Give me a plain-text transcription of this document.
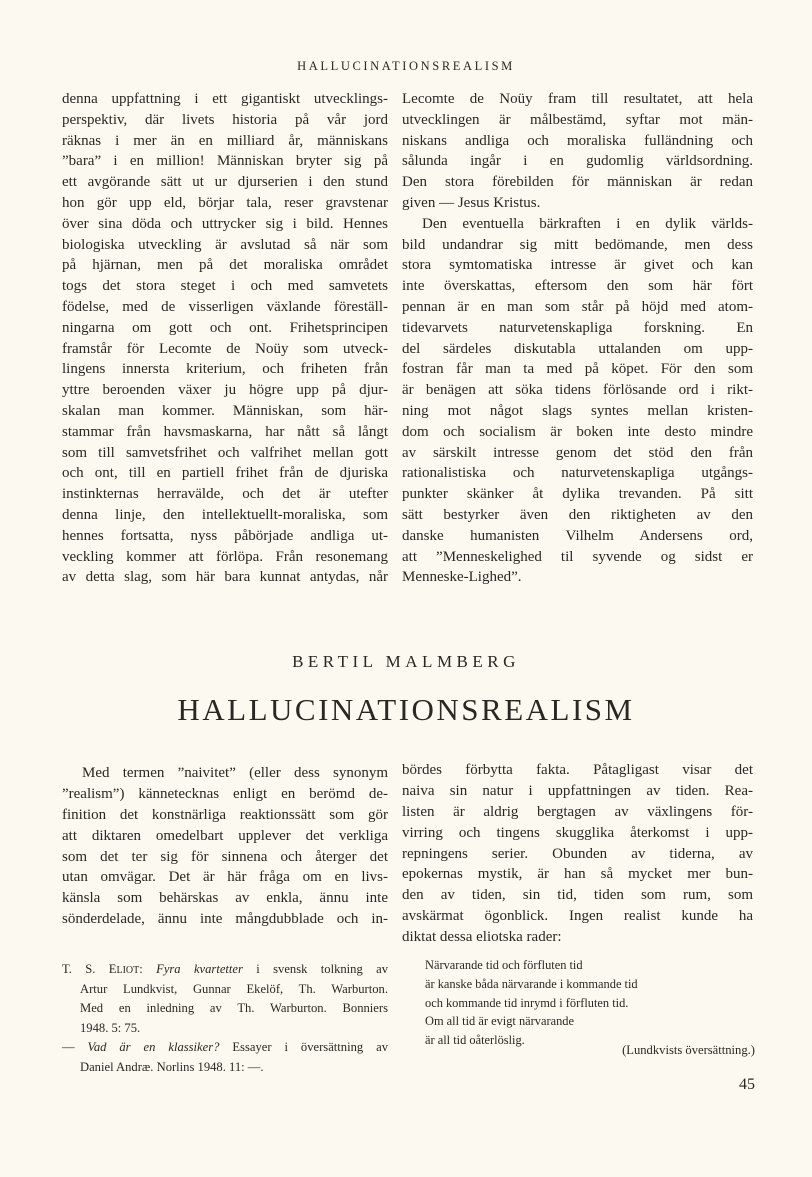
HALLUCINATIONSREALISM
denna uppfattning i ett gigantiskt utvecklings-
perspektiv, där livets historia på vår jord
räknas i mer än en milliard år, människans
”bara” i en million! Människan bryter sig på
ett avgörande sätt ut ur djurserien i den stund
hon gör upp eld, börjar tala, reser gravstenar
över sina döda och uttrycker sig i bild. Hennes
biologiska utveckling är avslutad så när som
på hjärnan, men på det moraliska området
togs det stora steget i och med samvetets
födelse, med de visserligen växlande föreställ-
ningarna om gott och ont. Frihetsprincipen
framstår för Lecomte de Noüy som utveck-
lingens innersta kriterium, och friheten från
yttre beroenden växer ju högre upp på djur-
skalan man kommer. Människan, som här-
stammar från havsmaskarna, har nått så långt
som till samvetsfrihet och valfrihet mellan gott
och ont, till en partiell frihet från de djuriska
instinkternas herravälde, och det är utefter
denna linje, den intellektuellt-moraliska, som
hennes fortsatta, nyss påbörjade andliga ut-
veckling kommer att förlöpa. Från resonemang
av detta slag, som här bara kunnat antydas, når
Lecomte de Noüy fram till resultatet, att hela
utvecklingen är målbestämd, syftar mot män-
niskans andliga och moraliska fulländning och
sålunda ingår i en gudomlig världsordning.
Den stora förebilden för människan är redan
given — Jesus Kristus.
Den eventuella bärkraften i en dylik världs-
bild undandrar sig mitt bedömande, men dess
stora symtomatiska intresse är givet och kan
inte överskattas, eftersom den som här fört
pennan är en man som står på höjd med atom-
tidevarvets naturvetenskapliga forskning. En
del särdeles diskutabla uttalanden om upp-
fostran får man ta med på köpet. För den som
är benägen att söka tidens förlösande ord i rikt-
ning mot något slags syntes mellan kristen-
dom och socialism är boken inte desto mindre
av särskilt intresse genom det stöd den från
rationalistiska och naturvetenskapliga utgångs-
punkter skänker åt dylika trevanden. På sitt
sätt bestyrker även den riktigheten av den
danske humanisten Vilhelm Andersens ord,
att ”Menneskelighed til syvende og sidst er
Menneske-Lighed”.
BERTIL MALMBERG
HALLUCINATIONSREALISM
Med termen ”naivitet” (eller dess synonym
”realism”) kännetecknas enligt en berömd de-
finition det konstnärliga reaktionssätt som gör
att diktaren omedelbart upplever det verkliga
som det ter sig för sinnena och återger det
utan omvägar. Det är här fråga om en livs-
känsla som behärskas av enkla, ännu inte
sönderdelade, ännu inte mångdubblade och in-
bördes förbytta fakta. Påtagligast visar det
naiva sin natur i uppfattningen av tiden. Rea-
listen är aldrig bergtagen av växlingens för-
virring och tingens skugglika återkomst i upp-
repningens serier. Obunden av tiderna, av
epokernas mystik, är han så mycket mer bun-
den av tiden, sin tid, tiden som rum, som
avskärmat ögonblick. Ingen realist kunde ha
diktat dessa eliotska rader:
T. S. ELIOT: Fyra kvartetter i svensk tolkning av
Artur Lundkvist, Gunnar Ekelöf, Th. Warburton.
Med en inledning av Th. Warburton. Bonniers
1948. 5: 75.
— Vad är en klassiker? Essayer i översättning av
Daniel Andræ. Norlins 1948. 11: —.
Närvarande tid och förfluten tid
är kanske båda närvarande i kommande tid
och kommande tid inrymd i förfluten tid.
Om all tid är evigt närvarande
är all tid oåterlöslig.
(Lundkvists översättning.)
45
